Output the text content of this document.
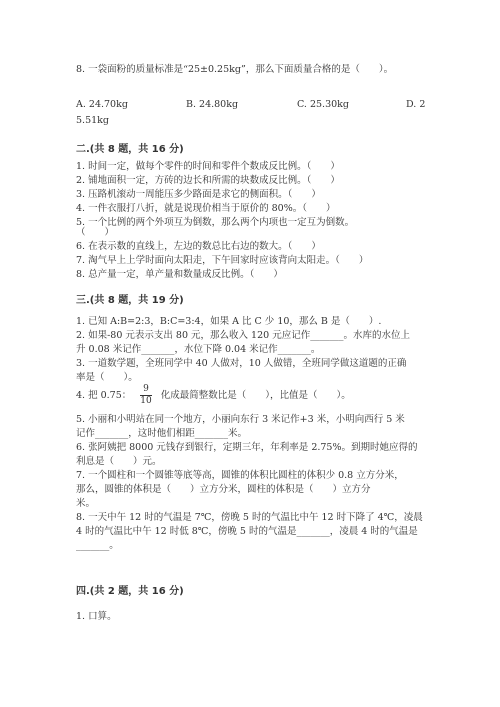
8. 一袋面粉的质量标准是“25±0.25kg”，那么下面质量合格的是（　　）。
A. 24.70kg	B. 24.80kg	C. 25.30kg	D. 2
5.51kg
二.(共 8 题，共 16 分)
1. 时间一定，做每个零件的时间和零件个数成反比例。（　　）
2. 铺地面积一定，方砖的边长和所需的块数成反比例。（　　）
3. 压路机滚动一周能压多少路面是求它的侧面积。（　　）
4. 一件衣服打八折，就是说现价相当于原价的 80%。（　　）
5. 一个比例的两个外项互为倒数，那么两个内项也一定互为倒数。
（　　）
6. 在表示数的直线上，左边的数总比右边的数大。（　　）
7. 淘气早上上学时面向太阳走，下午回家时应该背向太阳走。（　　）
8. 总产量一定，单产量和数量成反比例。（　　）
三.(共 8 题，共 19 分)
1. 已知 A:B=2:3，B:C=3:4，如果 A 比 C 少 10，那么 B 是（　　）.
2. 如果-80 元表示支出 80 元，那么收入 120 元应记作_______。水库的水位上
升 0.08 米记作_______，水位下降 0.04 米记作_______。
3. 一道数学题，全班同学中 40 人做对，10 人做错，全班同学做这道题的正确
率是（　　）。
4. 把 0.75： $\frac{9}{10}$ 化成最简整数比是（　　），比值是（　　）。
5. 小丽和小明站在同一个地方，小丽向东行 3 米记作+3 米，小明向西行 5 米
记作_______，这时他们相距_______米。
6. 张阿姨把 8000 元钱存到银行，定期三年，年利率是 2.75%。到期时她应得的
利息是（　　）元。
7. 一个圆柱和一个圆锥等底等高，圆锥的体积比圆柱的体积少 0.8 立方分米，
那么，圆锥的体积是（　　）立方分米，圆柱的体积是（　　）立方分
米。
8. 一天中午 12 时的气温是 7℃，傍晚 5 时的气温比中午 12 时下降了 4℃，凌晨
4 时的气温比中午 12 时低 8℃，傍晚 5 时的气温是_______，凌晨 4 时的气温是
_______。
四.(共 2 题，共 16 分)
1. 口算。
